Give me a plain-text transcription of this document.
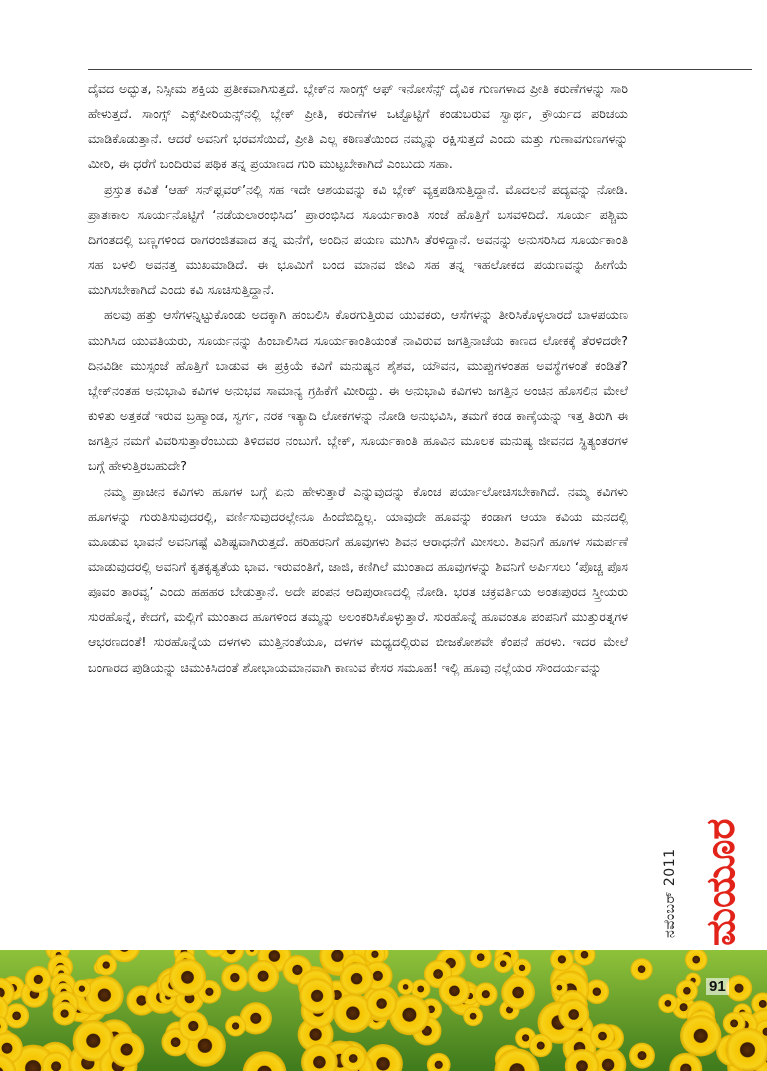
ದೈವದ ಅದ್ಭುತ, ನಿಸ್ಸೀಮ ಶಕ್ತಿಯ ಪ್ರತೀಕವಾಗಿಸುತ್ತದೆ. ಬ್ಲೇಕ್‌ನ ಸಾಂಗ್ಸ್ ಆಫ್ ಇನೋಸೆನ್ಸ್ ದೈವಿಕ ಗುಣಗಳಾದ ಪ್ರೀತಿ ಕರುಣೆಗಳನ್ನು ಸಾರಿ ಹೇಳುತ್ತದೆ. ಸಾಂಗ್ಸ್ ಎಕ್ಸ್‌ಪೀರಿಯನ್ಸ್‌ನಲ್ಲಿ ಬ್ಲೇಕ್ ಪ್ರೀತಿ, ಕರುಣೆಗಳ ಒಟ್ಟೊಟ್ಟಿಗೆ ಕಂಡುಬರುವ ಸ್ವಾರ್ಥ, ಕ್ರೌರ್ಯದ ಪರಿಚಯ ಮಾಡಿಕೊಡುತ್ತಾನೆ. ಆದರೆ ಅವನಿಗೆ ಭರವಸೆಯಿದೆ, ಪ್ರೀತಿ ಎಲ್ಲ ಕಠಿಣತೆಯಿಂದ ನಮ್ಮನ್ನು ರಕ್ಷಿಸುತ್ತದೆ ಎಂದು ಮತ್ತು ಗುಣಾವಗುಣಗಳನ್ನು ಮೀರಿ, ಈ ಧರೆಗೆ ಬಂದಿರುವ ಪಥಿಕ ತನ್ನ ಪ್ರಯಾಣದ ಗುರಿ ಮುಟ್ಟಬೇಕಾಗಿದೆ ಎಂಬುದು ಸಹಾ.

ಪ್ರಸ್ತುತ ಕವಿತೆ ‘ಆಹ್ ಸನ್‌ಫ್ಲವರ್’ನಲ್ಲಿ ಸಹ ಇದೇ ಆಶಯವನ್ನು ಕವಿ ಬ್ಲೇಕ್ ವ್ಯಕ್ತಪಡಿಸುತ್ತಿದ್ದಾನೆ. ಮೊದಲನೆ ಪದ್ಯವನ್ನು ನೋಡಿ. ಪ್ರಾತಃಕಾಲ ಸೂರ್ಯನೊಟ್ಟಿಗೆ ‘ನಡೆಯಲಾರಂಭಿಸಿದ’ ಪ್ರಾರಂಭಿಸಿದ ಸೂರ್ಯಕಾಂತಿ ಸಂಜೆ ಹೊತ್ತಿಗೆ ಬಸವಳಿದಿದೆ. ಸೂರ್ಯ ಪಶ್ಚಿಮ ದಿಗಂತದಲ್ಲಿ ಬಣ್ಣಗಳಿಂದ ರಾಗರಂಜಿತವಾದ ತನ್ನ ಮನೆಗೆ, ಅಂದಿನ ಪಯಣ ಮುಗಿಸಿ ತೆರಳಿದ್ದಾನೆ. ಅವನನ್ನು ಅನುಸರಿಸಿದ ಸೂರ್ಯಕಾಂತಿ ಸಹ ಬಳಲಿ ಅವನತ್ತ ಮುಖಮಾಡಿದೆ. ಈ ಭೂಮಿಗೆ ಬಂದ ಮಾನವ ಜೀವಿ ಸಹ ತನ್ನ ಇಹಲೋಕದ ಪಯಣವನ್ನು ಹೀಗೆಯೆ ಮುಗಿಸಬೇಕಾಗಿದೆ ಎಂದು ಕವಿ ಸೂಚಿಸುತ್ತಿದ್ದಾನೆ.

ಹಲವು ಹತ್ತು ಆಸೆಗಳನ್ನಿಟ್ಟುಕೊಂಡು ಅದಕ್ಕಾಗಿ ಹಂಬಲಿಸಿ ಕೊರಗುತ್ತಿರುವ ಯುವಕರು, ಆಸೆಗಳನ್ನು ತೀರಿಸಿಕೊಳ್ಳಲಾರದೆ ಬಾಳಪಯಣ ಮುಗಿಸಿದ ಯುವತಿಯರು, ಸೂರ್ಯನನ್ನು ಹಿಂಬಾಲಿಸಿದ ಸೂರ್ಯಕಾಂತಿಯಂತೆ ನಾವಿರುವ ಜಗತ್ತಿನಾಚೆಯ ಕಾಣದ ಲೋಕಕ್ಕೆ ತೆರಳಿದರೇ? ದಿನವಿಡೀ ಮುಸ್ಸಂಜೆ ಹೊತ್ತಿಗೆ ಬಾಡುವ ಈ ಪ್ರಕ್ರಿಯೆ ಕವಿಗೆ ಮನುಷ್ಯನ ಶೈಶವ, ಯೌವನ, ಮುಪ್ಪುಗಳಂತಹ ಅವಸ್ಥೆಗಳಂತೆ ಕಂಡಿತೆ? ಬ್ಲೇಕ್‌ನಂತಹ ಅನುಭಾವಿ ಕವಿಗಳ ಅನುಭವ ಸಾಮಾನ್ಯ ಗ್ರಹಿಕೆಗೆ ಮೀರಿದ್ದು. ಈ ಅನುಭಾವಿ ಕವಿಗಳು ಜಗತ್ತಿನ ಅಂಚಿನ ಹೊಸಲಿನ ಮೇಲೆ ಕುಳಿತು ಅತ್ತಕಡೆ ಇರುವ ಬ್ರಹ್ಮಾಂಡ, ಸ್ವರ್ಗ, ನರಕ ಇತ್ಯಾದಿ ಲೋಕಗಳನ್ನು ನೋಡಿ ಅನುಭವಿಸಿ, ತಮಗೆ ಕಂಡ ಕಾಣ್ಕೆಯನ್ನು ಇತ್ತ ತಿರುಗಿ ಈ ಜಗತ್ತಿನ ನಮಗೆ ವಿವರಿಸುತ್ತಾರೆಂಬುದು ತಿಳಿದವರ ನಂಬುಗೆ. ಬ್ಲೇಕ್, ಸೂರ್ಯಕಾಂತಿ ಹೂವಿನ ಮೂಲಕ ಮನುಷ್ಯ ಜೀವನದ ಸ್ಥಿತ್ಯಂತರಗಳ ಬಗ್ಗೆ ಹೇಳುತ್ತಿರಬಹುದೇ?

ನಮ್ಮ ಪ್ರಾಚೀನ ಕವಿಗಳು ಹೂಗಳ ಬಗ್ಗೆ ಏನು ಹೇಳುತ್ತಾರೆ ಎನ್ನುವುದನ್ನು ಕೊಂಚ ಪರ್ಯಾಲೋಚಿಸಬೇಕಾಗಿದೆ. ನಮ್ಮ ಕವಿಗಳು ಹೂಗಳನ್ನು ಗುರುತಿಸುವುದರಲ್ಲಿ, ವರ್ಣಿಸುವುದರಲ್ಲೇನೂ ಹಿಂದೆಬಿದ್ದಿಲ್ಲ. ಯಾವುದೇ ಹೂವನ್ನು ಕಂಡಾಗ ಆಯಾ ಕವಿಯ ಮನದಲ್ಲಿ ಮೂಡುವ ಭಾವನೆ ಅವನಿಗಷ್ಟೆ ವಿಶಿಷ್ಟವಾಗಿರುತ್ತದೆ. ಹರಿಹರನಿಗೆ ಹೂವುಗಳು ಶಿವನ ಆರಾಧನೆಗೆ ಮೀಸಲು. ಶಿವನಿಗೆ ಹೂಗಳ ಸಮರ್ಪಣೆ ಮಾಡುವುದರಲ್ಲಿ ಅವನಿಗೆ ಕೃತಕೃತ್ಯತೆಯ ಭಾವ. ಇರುವಂತಿಗೆ, ಜಾಜಿ, ಕಣಿಗಿಲೆ ಮುಂತಾದ ಹೂವುಗಳನ್ನು ಶಿವನಿಗೆ ಅರ್ಪಿಸಲು ‘ಪೊಚ್ಚ ಪೊಸ ಪೂವಂ ತಾರವ್ವ’ ಎಂದು ಹಹಹರ ಬೇಡುತ್ತಾನೆ. ಅದೇ ಪಂಪನ ಆದಿಪುರಾಣದಲ್ಲಿ ನೋಡಿ. ಭರತ ಚಕ್ರವರ್ತಿಯ ಅಂತಃಪುರದ ಸ್ತ್ರೀಯರು ಸುರಹೊನ್ನೆ, ಕೇದಗೆ, ಮಲ್ಲಿಗೆ ಮುಂತಾದ ಹೂಗಳಿಂದ ತಮ್ಮನ್ನು ಅಲಂಕರಿಸಿಕೊಳ್ಳುತ್ತಾರೆ. ಸುರಹೊನ್ನೆ ಹೂವಂತೂ ಪಂಪನಿಗೆ ಮುತ್ತುರತ್ನಗಳ ಆಭರಣದಂತೆ! ಸುರಹೊನ್ನೆಯ ದಳಗಳು ಮುತ್ತಿನಂತೆಯೂ, ದಳಗಳ ಮಧ್ಯದಲ್ಲಿರುವ ಬೀಜಕೋಶವೇ ಕೆಂಪನೆ ಹರಳು. ಇದರ ಮೇಲೆ ಬಂಗಾರದ ಪುಡಿಯನ್ನು ಚಿಮುಕಿಸಿದಂತೆ ಶೋಭಾಯಮಾನವಾಗಿ ಕಾಣುವ ಕೇಸರ ಸಮೂಹ! ಇಲ್ಲಿ ಹೂವು ನಲ್ಲೆಯರ ಸೌಂದರ್ಯವನ್ನು

ನವೆಂಬರ್ 2011 ಮಯೂರ
91
